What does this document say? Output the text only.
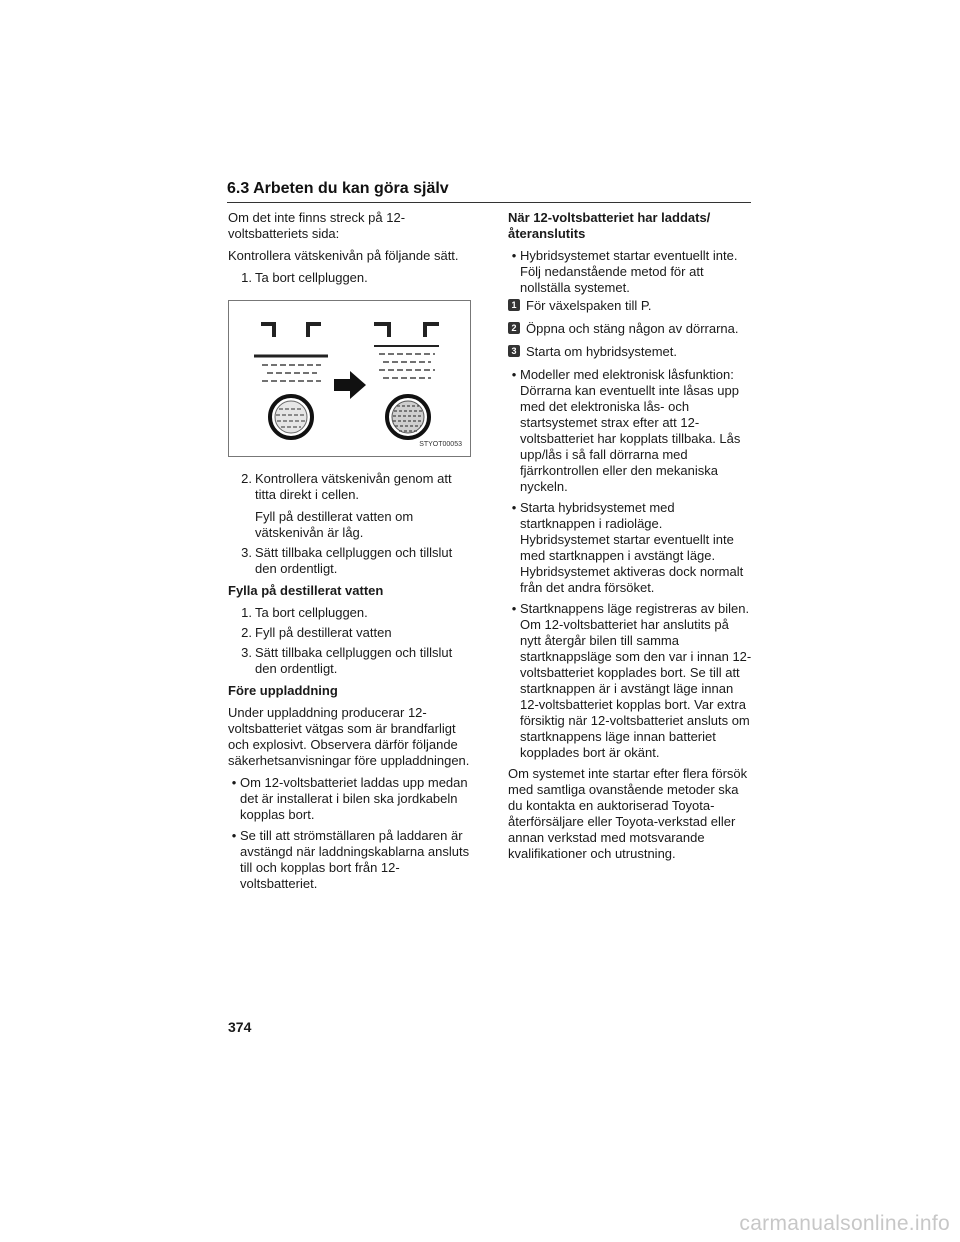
6.3 Arbeten du kan göra själv

Om det inte finns streck på 12-voltsbatteriets sida:

Kontrollera vätskenivån på följande sätt.

1. Ta bort cellpluggen.
STYOT00053
2. Kontrollera vätskenivån genom att titta direkt i cellen.
Fyll på destillerat vatten om vätskenivån är låg.
3. Sätt tillbaka cellpluggen och tillslut den ordentligt.

Fylla på destillerat vatten

1. Ta bort cellpluggen.
2. Fyll på destillerat vatten
3. Sätt tillbaka cellpluggen och tillslut den ordentligt.

Före uppladdning

Under uppladdning producerar 12-voltsbatteriet vätgas som är brandfarligt och explosivt. Observera därför följande säkerhetsanvisningar före uppladdningen.

• Om 12-voltsbatteriet laddas upp medan det är installerat i bilen ska jordkabeln kopplas bort.
• Se till att strömställaren på laddaren är avstängd när laddningskablarna ansluts till och kopplas bort från 12-voltsbatteriet.

När 12-voltsbatteriet har laddats/återanslutits

• Hybridsystemet startar eventuellt inte. Följ nedanstående metod för att nollställa systemet.
1 För växelspaken till P.
2 Öppna och stäng någon av dörrarna.
3 Starta om hybridsystemet.
• Modeller med elektronisk låsfunktion: Dörrarna kan eventuellt inte låsas upp med det elektroniska lås- och startsystemet strax efter att 12-voltsbatteriet har kopplats tillbaka. Lås upp/lås i så fall dörrarna med fjärrkontrollen eller den mekaniska nyckeln.
• Starta hybridsystemet med startknappen i radioläge. Hybridsystemet startar eventuellt inte med startknappen i avstängt läge. Hybridsystemet aktiveras dock normalt från det andra försöket.
• Startknappens läge registreras av bilen. Om 12-voltsbatteriet har anslutits på nytt återgår bilen till samma startknappsläge som den var i innan 12-voltsbatteriet kopplades bort. Se till att startknappen är i avstängt läge innan 12-voltsbatteriet kopplas bort. Var extra försiktig när 12-voltsbatteriet ansluts om startknappens läge innan batteriet kopplades bort är okänt.

Om systemet inte startar efter flera försök med samtliga ovanstående metoder ska du kontakta en auktoriserad Toyota-återförsäljare eller Toyota-verkstad eller annan verkstad med motsvarande kvalifikationer och utrustning.

374
carmanualsonline.info
